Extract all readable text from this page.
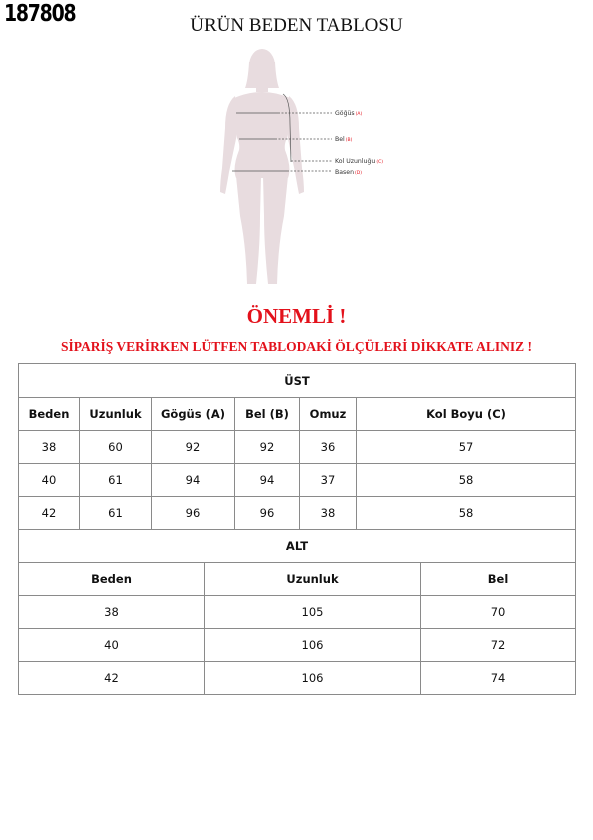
187808	ÜRÜN BEDEN TABLOSU
Göğüs(A)
Bel(B)
Kol Uzunluğu(C)
Basen(D)
ÖNEMLİ !
SİPARİŞ VERİRKEN LÜTFEN TABLODAKİ ÖLÇÜLERİ DİKKATE ALINIZ !
ÜST					
Beden	Uzunluk	Gögüs (A)	Bel (B)	Omuz	Kol Boyu (C)
38	60	92	92	36	57
40	61	94	94	37	58
42	61	96	96	38	58
ALT		
Beden	Uzunluk	Bel
38	105	70
40	106	72
42	106	74
